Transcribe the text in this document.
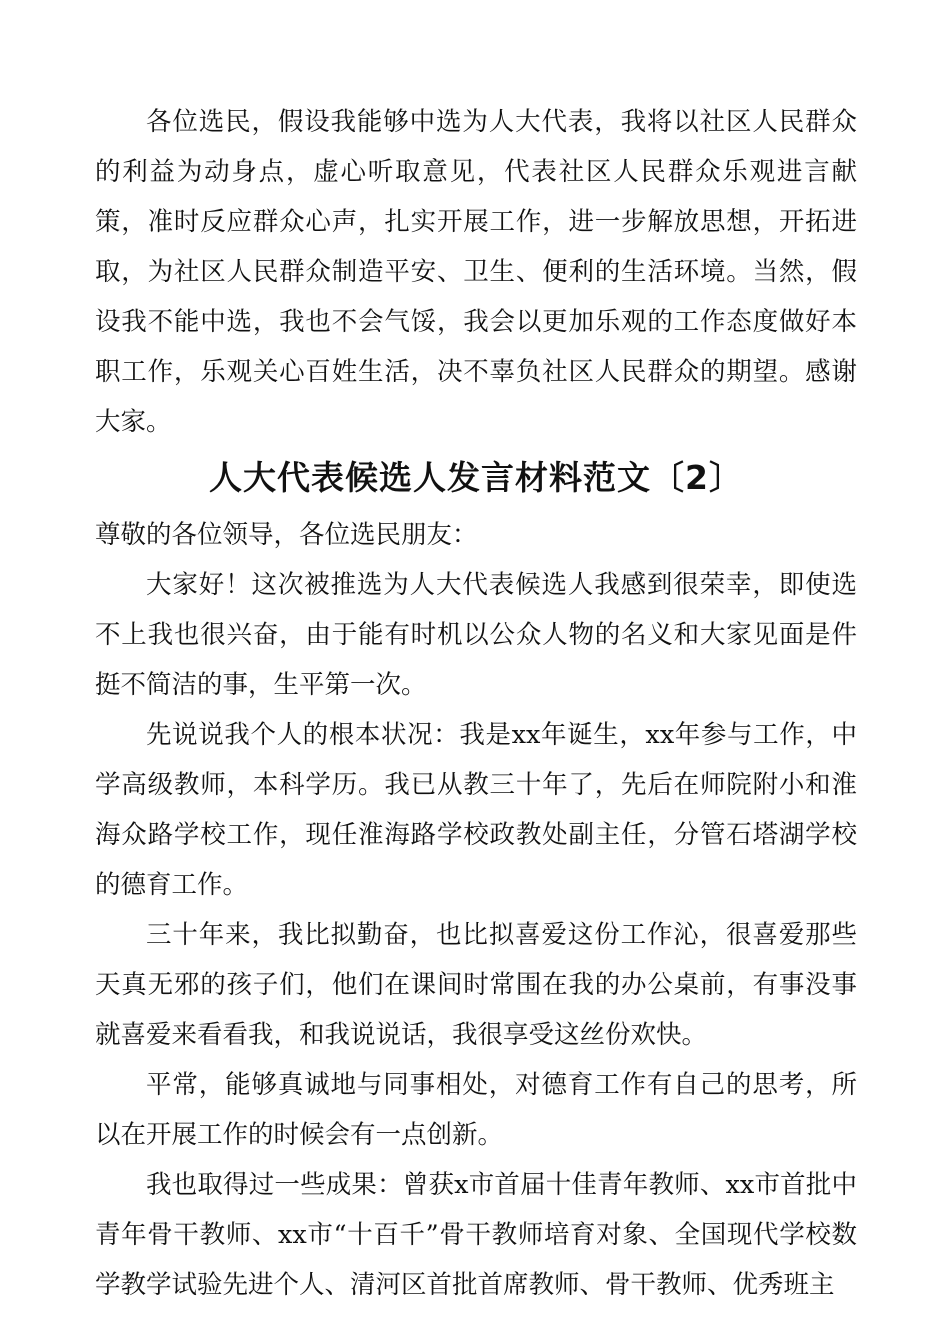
各位选民，假设我能够中选为人大代表，我将以社区人民群众的利益为动身点，虚心听取意见，代表社区人民群众乐观进言献策，准时反应群众心声，扎实开展工作，进一步解放思想，开拓进取，为社区人民群众制造平安、卫生、便利的生活环境。当然，假设我不能中选，我也不会气馁，我会以更加乐观的工作态度做好本职工作，乐观关心百姓生活，决不辜负社区人民群众的期望。感谢大家。

人大代表候选人发言材料范文〔2〕

尊敬的各位领导，各位选民朋友：

大家好！这次被推选为人大代表候选人我感到很荣幸，即使选不上我也很兴奋，由于能有时机以公众人物的名义和大家见面是件挺不简洁的事，生平第一次。

先说说我个人的根本状况：我是xx年诞生，xx年参与工作，中学高级教师，本科学历。我已从教三十年了，先后在师院附小和淮海众路学校工作，现任淮海路学校政教处副主任，分管石塔湖学校的德育工作。

三十年来，我比拟勤奋，也比拟喜爱这份工作沁，很喜爱那些天真无邪的孩子们，他们在课间时常围在我的办公桌前，有事没事就喜爱来看看我，和我说说话，我很享受这丝份欢快。

平常，能够真诚地与同事相处，对德育工作有自己的思考，所以在开展工作的时候会有一点创新。

我也取得过一些成果：曾获x市首届十佳青年教师、xx市首批中青年骨干教师、xx市“十百千”骨干教师培育对象、全国现代学校数学教学试验先进个人、清河区首批首席教师、骨干教师、优秀班主
